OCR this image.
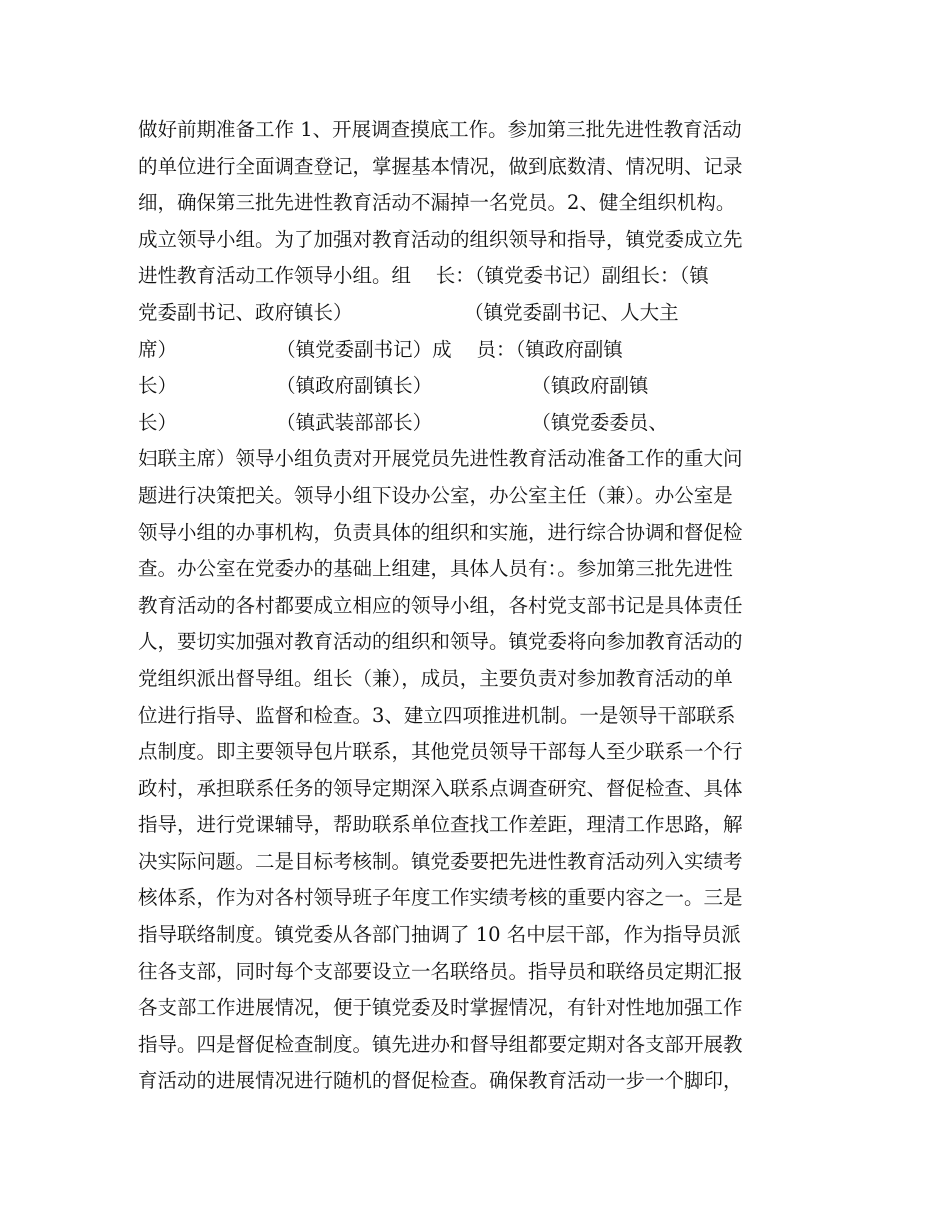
做好前期准备工作 1、开展调查摸底工作。参加第三批先进性教育活动
的单位进行全面调查登记，掌握基本情况，做到底数清、情况明、记录
细，确保第三批先进性教育活动不漏掉一名党员。2、健全组织机构。
成立领导小组。为了加强对教育活动的组织领导和指导，镇党委成立先
进性教育活动工作领导小组。组    长：（镇党委书记）副组长：（镇
党委副书记、政府镇长）                  （镇党委副书记、人大主
席）                （镇党委副书记）成    员：（镇政府副镇
长）                （镇政府副镇长）                （镇政府副镇
长）                （镇武装部部长）                （镇党委委员、
妇联主席）领导小组负责对开展党员先进性教育活动准备工作的重大问
题进行决策把关。领导小组下设办公室，办公室主任（兼）。办公室是
领导小组的办事机构，负责具体的组织和实施，进行综合协调和督促检
查。办公室在党委办的基础上组建，具体人员有：。参加第三批先进性
教育活动的各村都要成立相应的领导小组，各村党支部书记是具体责任
人，要切实加强对教育活动的组织和领导。镇党委将向参加教育活动的
党组织派出督导组。组长（兼），成员，主要负责对参加教育活动的单
位进行指导、监督和检查。3、建立四项推进机制。一是领导干部联系
点制度。即主要领导包片联系，其他党员领导干部每人至少联系一个行
政村，承担联系任务的领导定期深入联系点调查研究、督促检查、具体
指导，进行党课辅导，帮助联系单位查找工作差距，理清工作思路，解
决实际问题。二是目标考核制。镇党委要把先进性教育活动列入实绩考
核体系，作为对各村领导班子年度工作实绩考核的重要内容之一。三是
指导联络制度。镇党委从各部门抽调了 10 名中层干部，作为指导员派
往各支部，同时每个支部要设立一名联络员。指导员和联络员定期汇报
各支部工作进展情况，便于镇党委及时掌握情况，有针对性地加强工作
指导。四是督促检查制度。镇先进办和督导组都要定期对各支部开展教
育活动的进展情况进行随机的督促检查。确保教育活动一步一个脚印，
